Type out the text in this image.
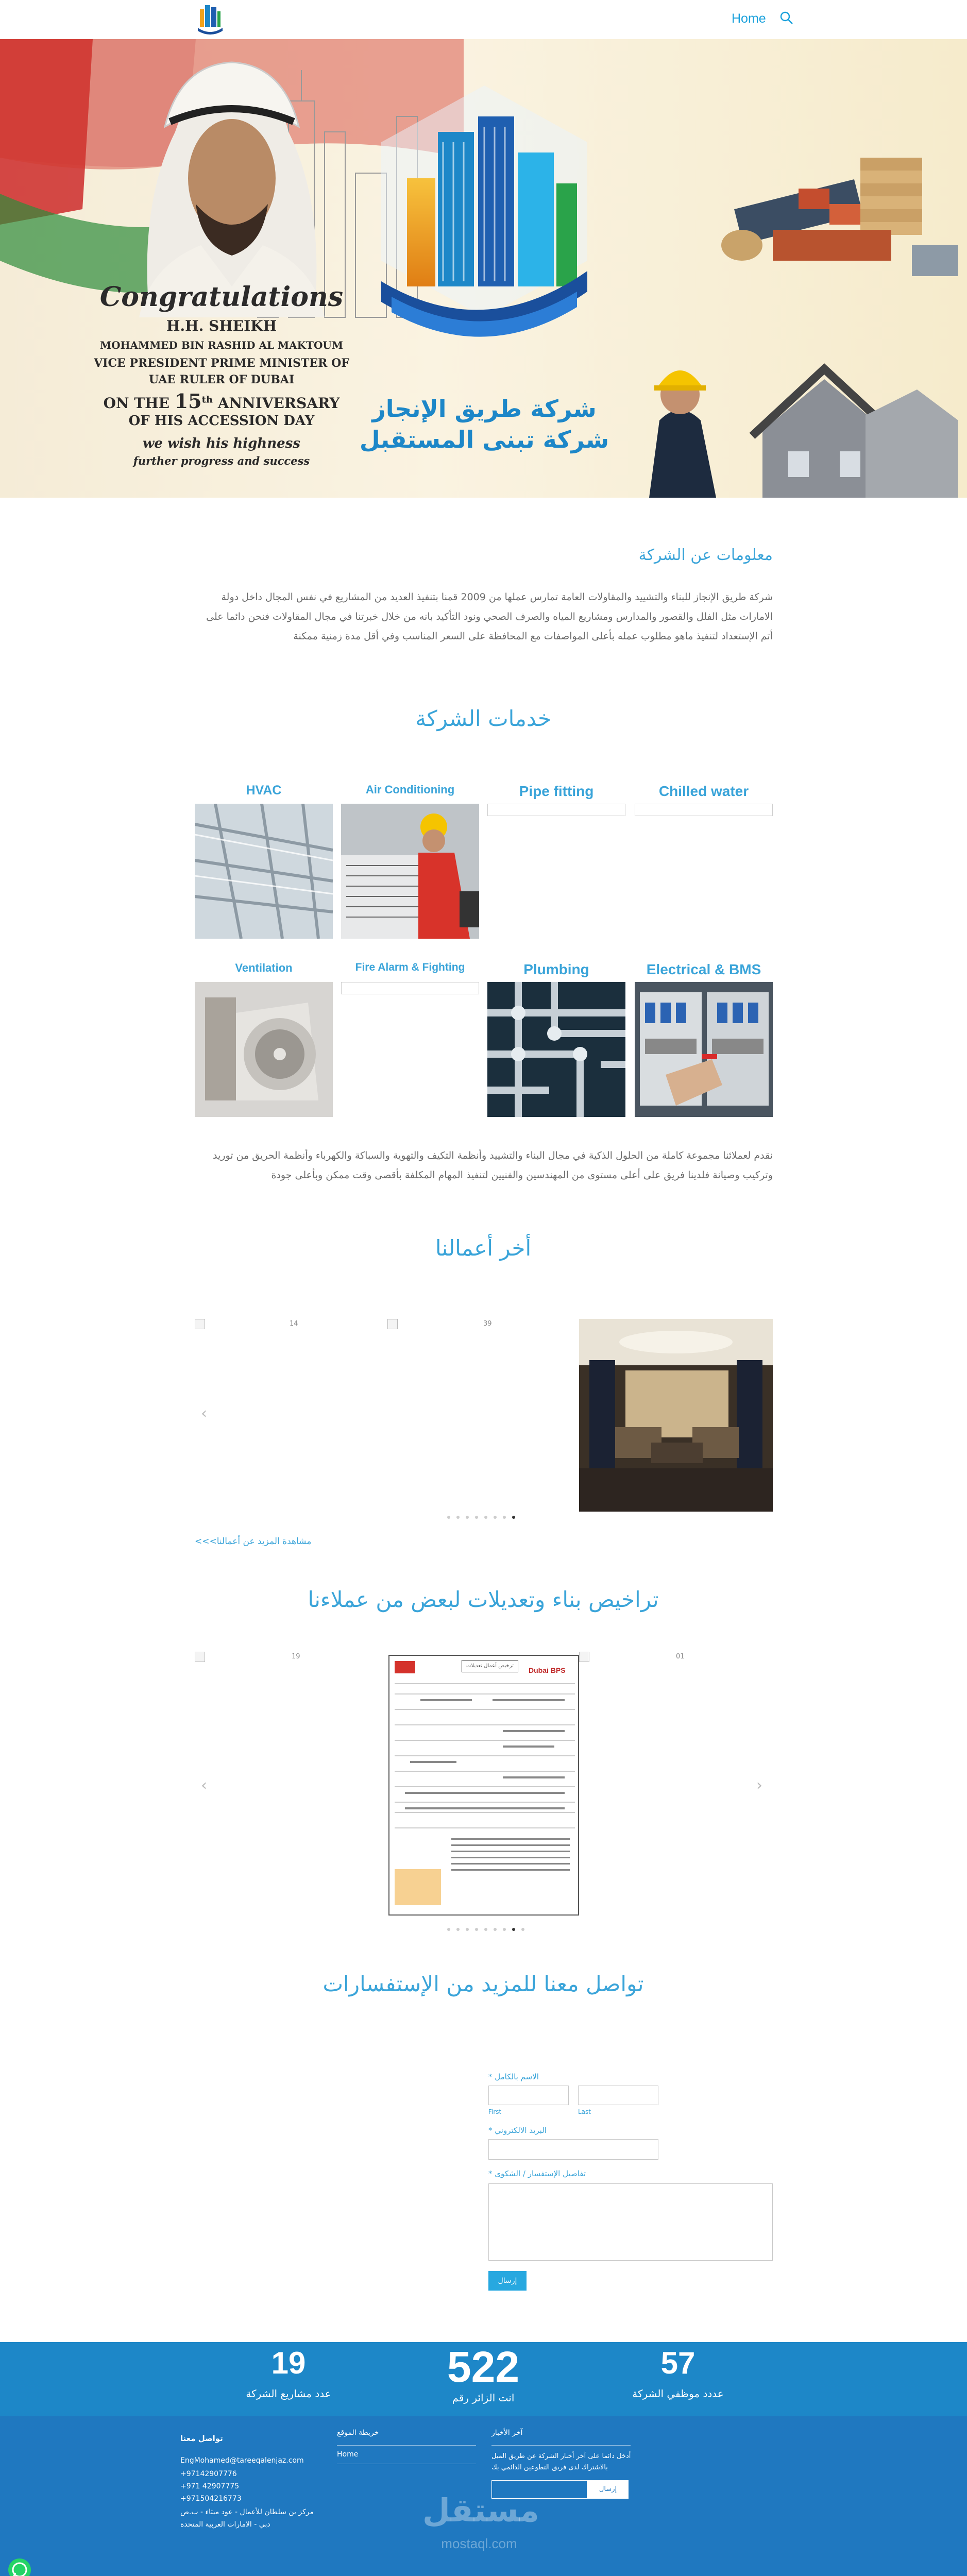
Home
Congratulations
H.H. SHEIKH
MOHAMMED BIN RASHID AL MAKTOUM
VICE PRESIDENT PRIME MINISTER OF
UAE RULER OF DUBAI
ON THE 15th ANNIVERSARY
OF HIS ACCESSION DAY
we wish his highness
further progress and success
شركة طريق الإنجاز
شركة تبنى المستقبل
معلومات عن الشركة
شركة طريق الإنجاز للبناء والتشييد والمقاولات العامة تمارس عملها من 2009 قمنا بتنفيذ العديد من المشاريع في نفس المجال داخل دولة الامارات مثل الفلل والقصور والمدارس ومشاريع المياه والصرف الصحي ونود التأكيد بانه من خلال خبرتنا في مجال المقاولات فنحن دائما على أتم الإستعداد لتنفيذ ماهو مطلوب عمله بأعلى المواصفات مع المحافظة على السعر المناسب وفي أقل مدة زمنية ممكنة
خدمات الشركة
HVAC	Air Conditioning	Pipe fitting	Chilled water
Ventilation	Fire Alarm & Fighting	Plumbing	Electrical & BMS
نقدم لعملائنا مجموعة كاملة من الحلول الذكية في مجال البناء والتشييد وأنظمة التكيف والتهوية والسباكة والكهرباء وأنظمة الحريق من توريد وتركيب وصيانة فلدينا فريق على أعلى مستوى من المهندسين والفنيين لتنفيذ المهام المكلفة بأقصى وقت ممكن وبأعلى جودة
أخر أعمالنا
14	39
‹
<<<مشاهدة المزيد عن أعمالنا
تراخيص بناء وتعديلات لبعض من عملاءنا
19	01
‹	›
ترخيص أعمال تعديلات
Dubai BPS
تواصل معنا للمزيد من الإستفسارات
الاسم بالكامل *
First	Last
البريد الالكتروني *
تفاصيل الإستفسار / الشكوى *
إرسال
19
عدد مشاريع الشركة
522
انت الزائر رقم
57
عددد موظفي الشركة
تواصل معنا
EngMohamed@tareeqalenjaz.com
+97142907776
+971 42907775
+971504216773
مركز بن سلطان للأعمال - عود ميثاء - ب.ص
دبي - الامارات العربية المتحدة
خريطة الموقع
Home
آخر الأخبار
أدخل دائما على آخر أخبار الشركة عن طريق الميل
بالاشتراك لدى فريق التطوعين الدائمي بك
إرسال
مستقل
mostaql.com
